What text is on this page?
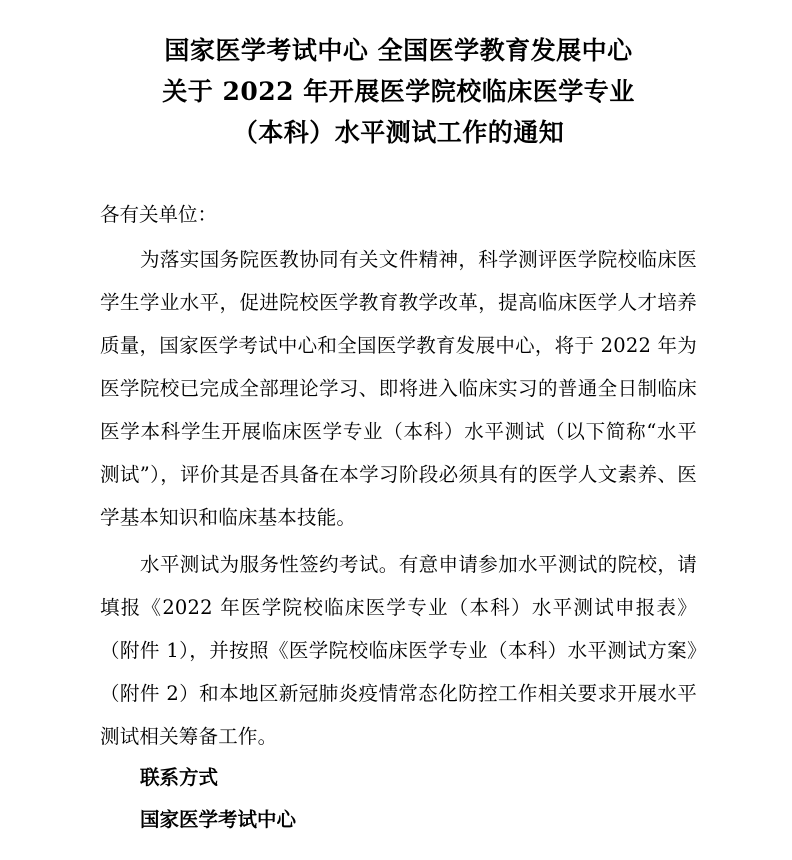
国家医学考试中心 全国医学教育发展中心
关于 2022 年开展医学院校临床医学专业
（本科）水平测试工作的通知

各有关单位：

为落实国务院医教协同有关文件精神，科学测评医学院校临床医学生学业水平，促进院校医学教育教学改革，提高临床医学人才培养质量，国家医学考试中心和全国医学教育发展中心，将于 2022 年为医学院校已完成全部理论学习、即将进入临床实习的普通全日制临床医学本科学生开展临床医学专业（本科）水平测试（以下简称“水平测试”），评价其是否具备在本学习阶段必须具有的医学人文素养、医学基本知识和临床基本技能。

水平测试为服务性签约考试。有意申请参加水平测试的院校，请填报《2022 年医学院校临床医学专业（本科）水平测试申报表》（附件 1），并按照《医学院校临床医学专业（本科）水平测试方案》（附件 2）和本地区新冠肺炎疫情常态化防控工作相关要求开展水平测试相关筹备工作。

联系方式

国家医学考试中心
